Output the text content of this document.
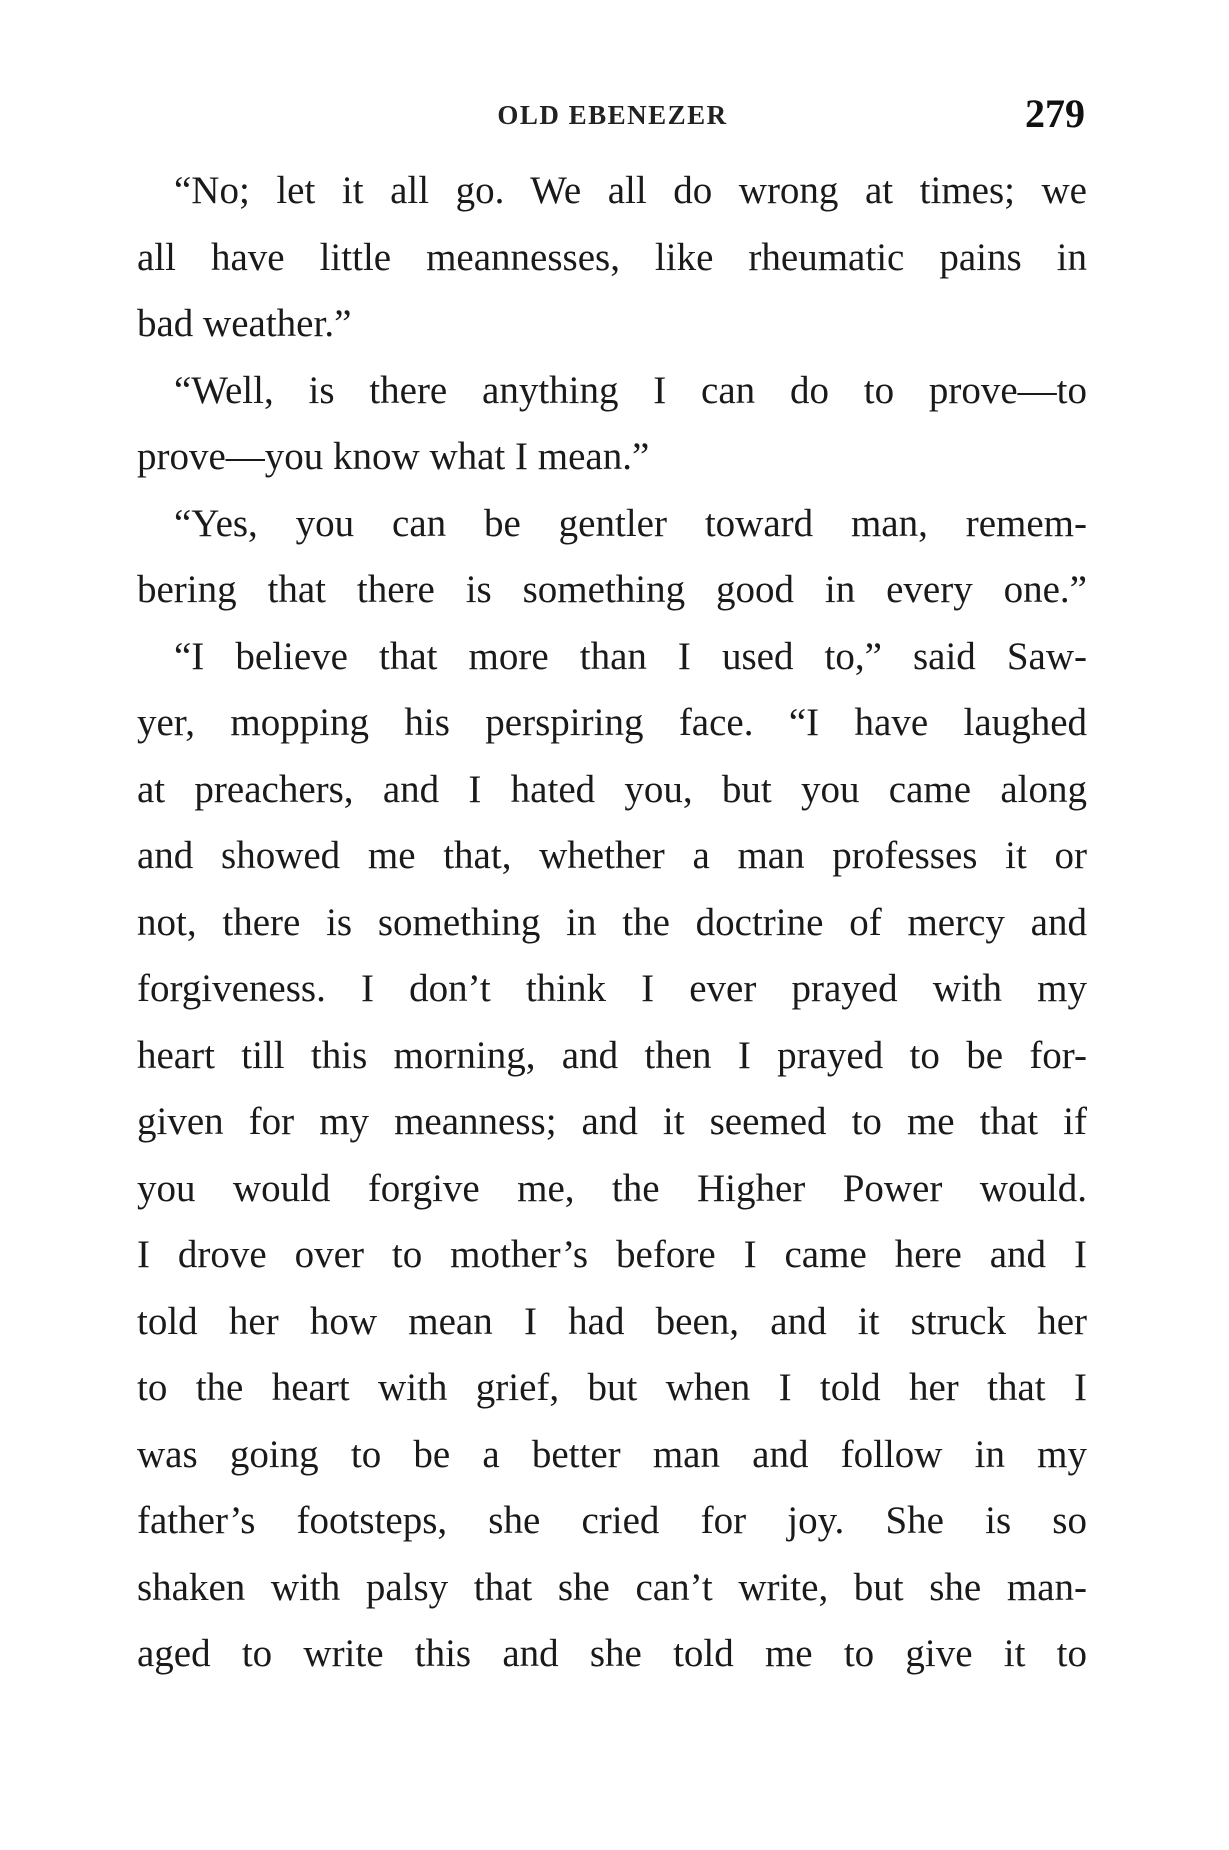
OLD EBENEZER	279
“No; let it all go. We all do wrong at times; we
all have little meannesses, like rheumatic pains in
bad weather.”
“Well, is there anything I can do to prove—to
prove—you know what I mean.”
“Yes, you can be gentler toward man, remem-
bering that there is something good in every one.”
“I believe that more than I used to,” said Saw-
yer, mopping his perspiring face. “I have laughed
at preachers, and I hated you, but you came along
and showed me that, whether a man professes it or
not, there is something in the doctrine of mercy and
forgiveness. I don’t think I ever prayed with my
heart till this morning, and then I prayed to be for-
given for my meanness; and it seemed to me that if
you would forgive me, the Higher Power would.
I drove over to mother’s before I came here and I
told her how mean I had been, and it struck her
to the heart with grief, but when I told her that I
was going to be a better man and follow in my
father’s footsteps, she cried for joy. She is so
shaken with palsy that she can’t write, but she man-
aged to write this and she told me to give it to
